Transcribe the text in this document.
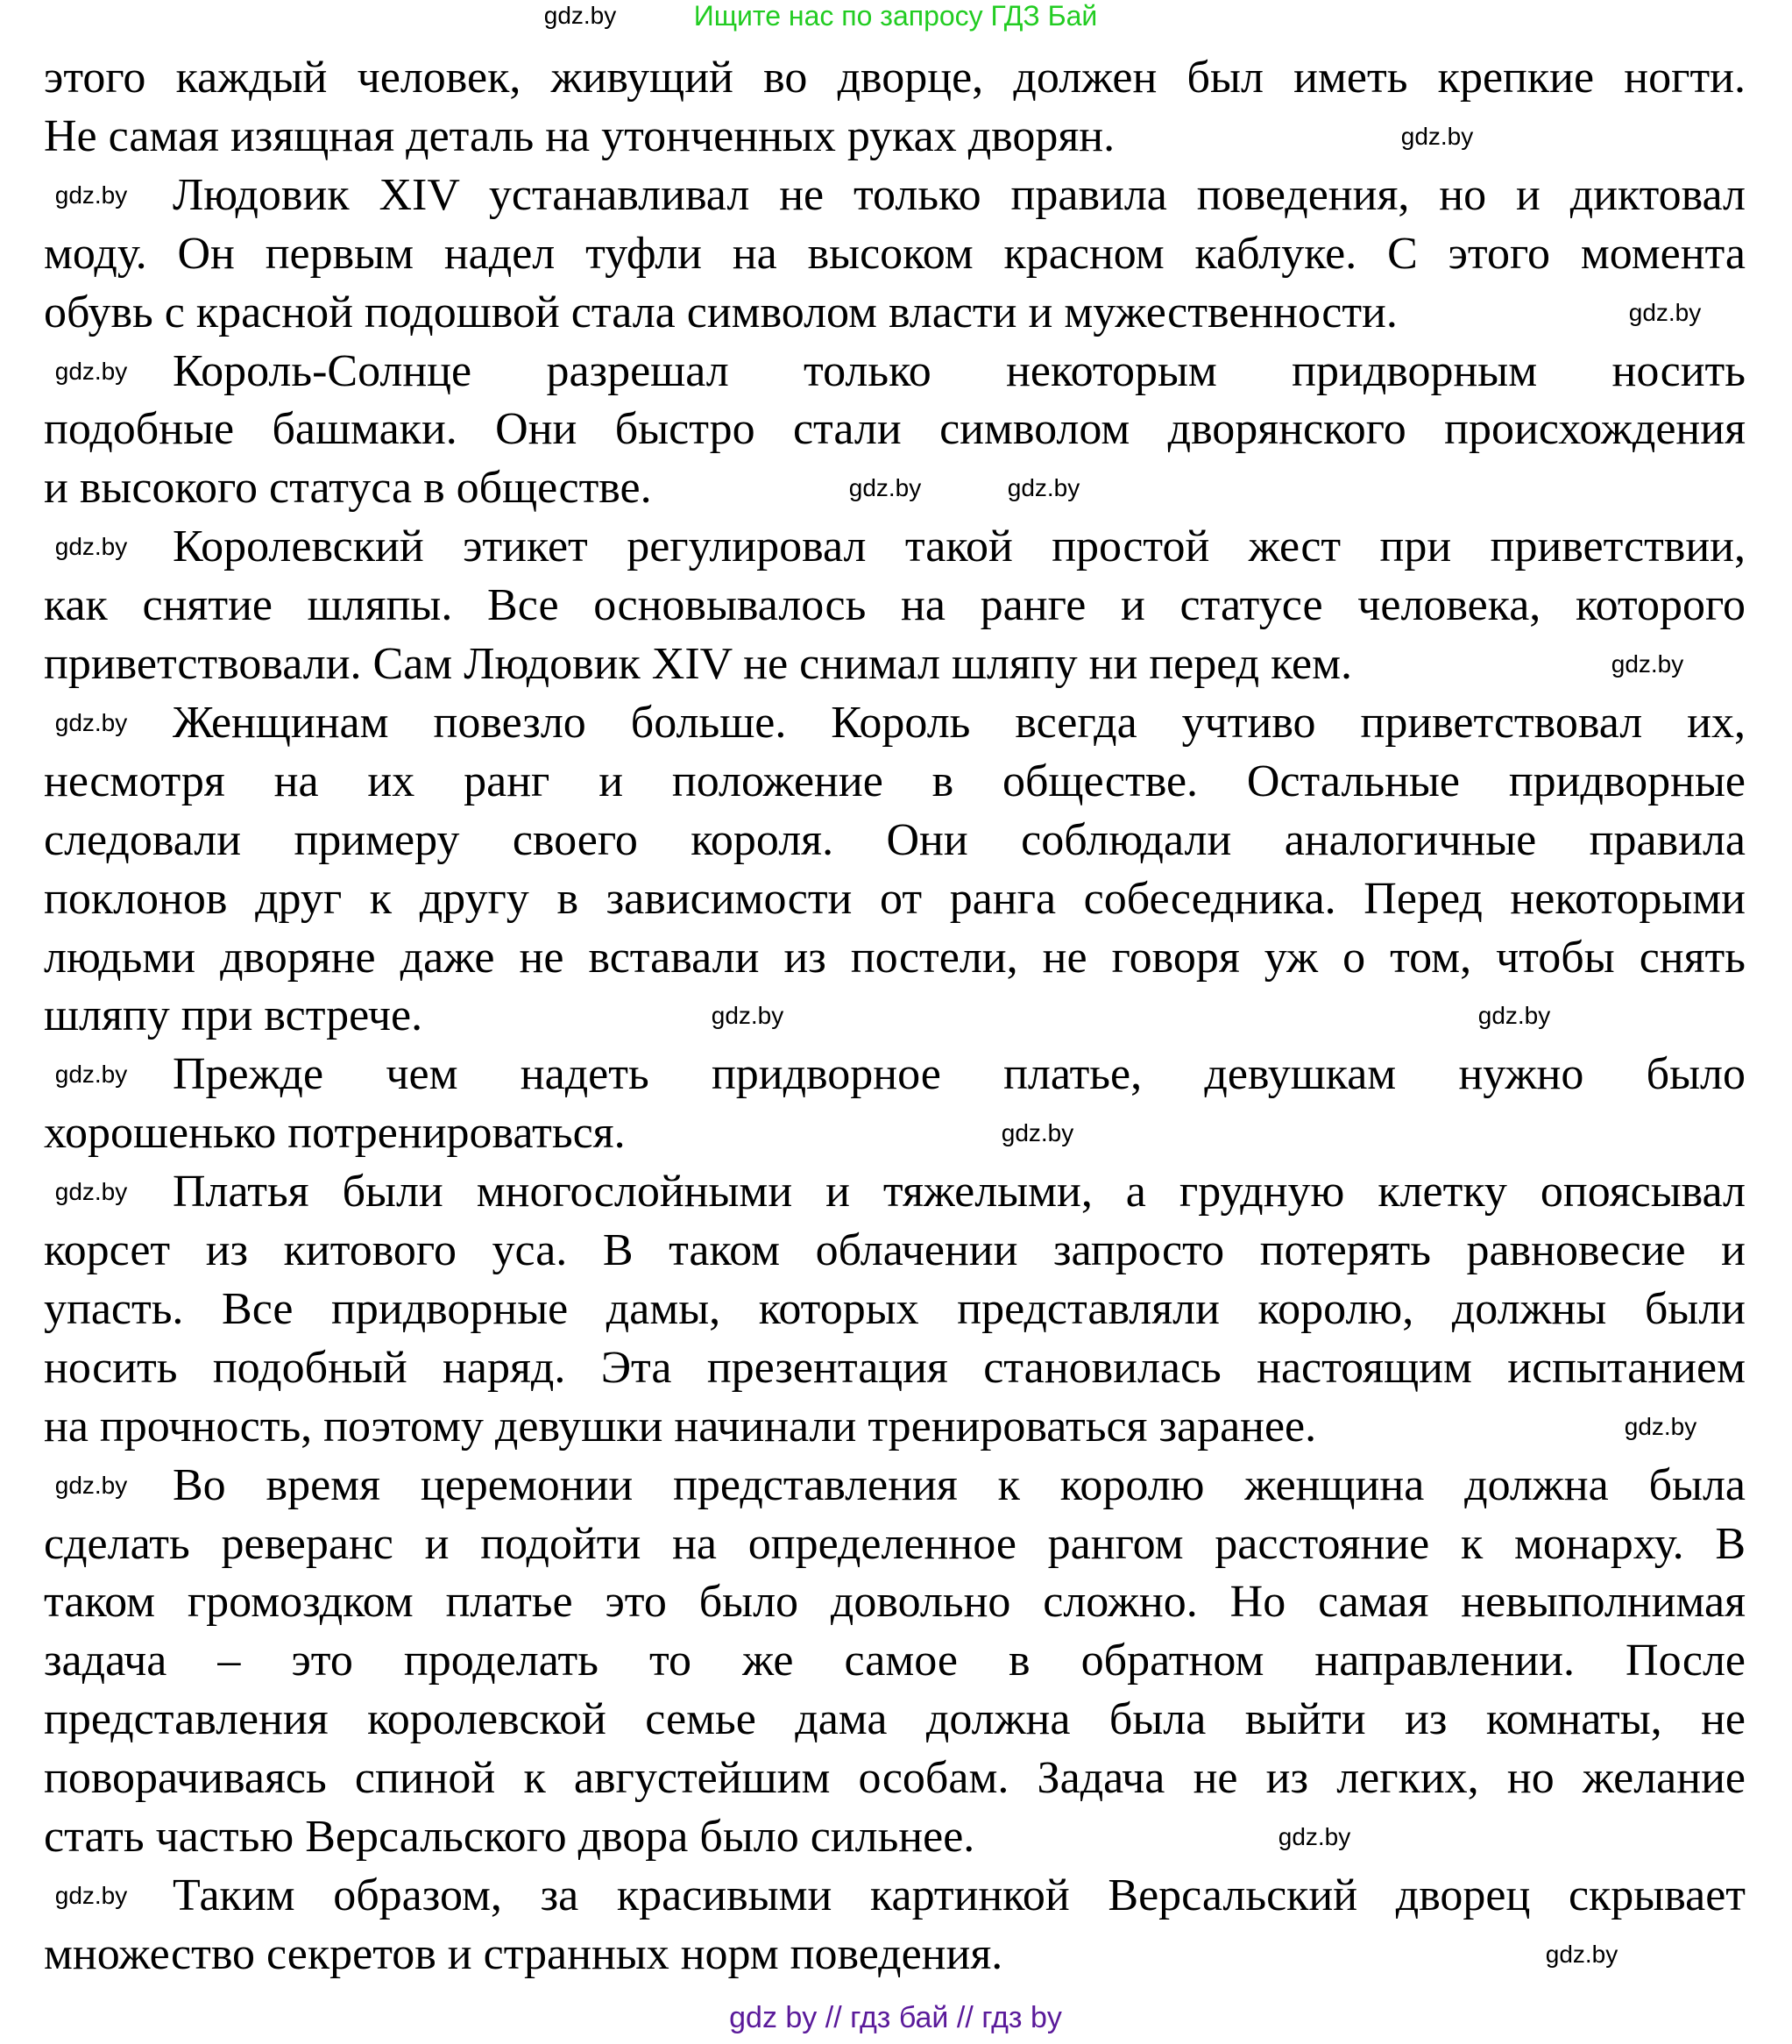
Ищите нас по запросу ГДЗ Бай
этого каждый человек, живущий во дворце, должен был иметь крепкие ногти.
Не самая изящная деталь на утонченных руках дворян.
Людовик XIV устанавливал не только правила поведения, но и диктовал
моду. Он первым надел туфли на высоком красном каблуке. С этого момента
обувь с красной подошвой стала символом власти и мужественности.
Король-Солнце разрешал только некоторым придворным носить
подобные башмаки. Они быстро стали символом дворянского происхождения
и высокого статуса в обществе.
Королевский этикет регулировал такой простой жест при приветствии,
как снятие шляпы. Все основывалось на ранге и статусе человека, которого
приветствовали. Сам Людовик XIV не снимал шляпу ни перед кем.
Женщинам повезло больше. Король всегда учтиво приветствовал их,
несмотря на их ранг и положение в обществе. Остальные придворные
следовали примеру своего короля. Они соблюдали аналогичные правила
поклонов друг к другу в зависимости от ранга собеседника. Перед некоторыми
людьми дворяне даже не вставали из постели, не говоря уж о том, чтобы снять
шляпу при встрече.
Прежде чем надеть придворное платье, девушкам нужно было
хорошенько потренироваться.
Платья были многослойными и тяжелыми, а грудную клетку опоясывал
корсет из китового уса. В таком облачении запросто потерять равновесие и
упасть. Все придворные дамы, которых представляли королю, должны были
носить подобный наряд. Эта презентация становилась настоящим испытанием
на прочность, поэтому девушки начинали тренироваться заранее.
Во время церемонии представления к королю женщина должна была
сделать реверанс и подойти на определенное рангом расстояние к монарху. В
таком громоздком платье это было довольно сложно. Но самая невыполнимая
задача – это проделать то же самое в обратном направлении. После
представления королевской семье дама должна была выйти из комнаты, не
поворачиваясь спиной к августейшим особам. Задача не из легких, но желание
стать частью Версальского двора было сильнее.
Таким образом, за красивыми картинкой Версальский дворец скрывает
множество секретов и странных норм поведения.
gdz.by
gdz.by
gdz.by
gdz.by
gdz.by
gdz.by
gdz.by
gdz.by
gdz.by
gdz.by
gdz.by
gdz.by
gdz.by
gdz.by
gdz.by
gdz.by
gdz.by
gdz.by
gdz.by
gdz.by
gdz by // гдз бай // гдз by
